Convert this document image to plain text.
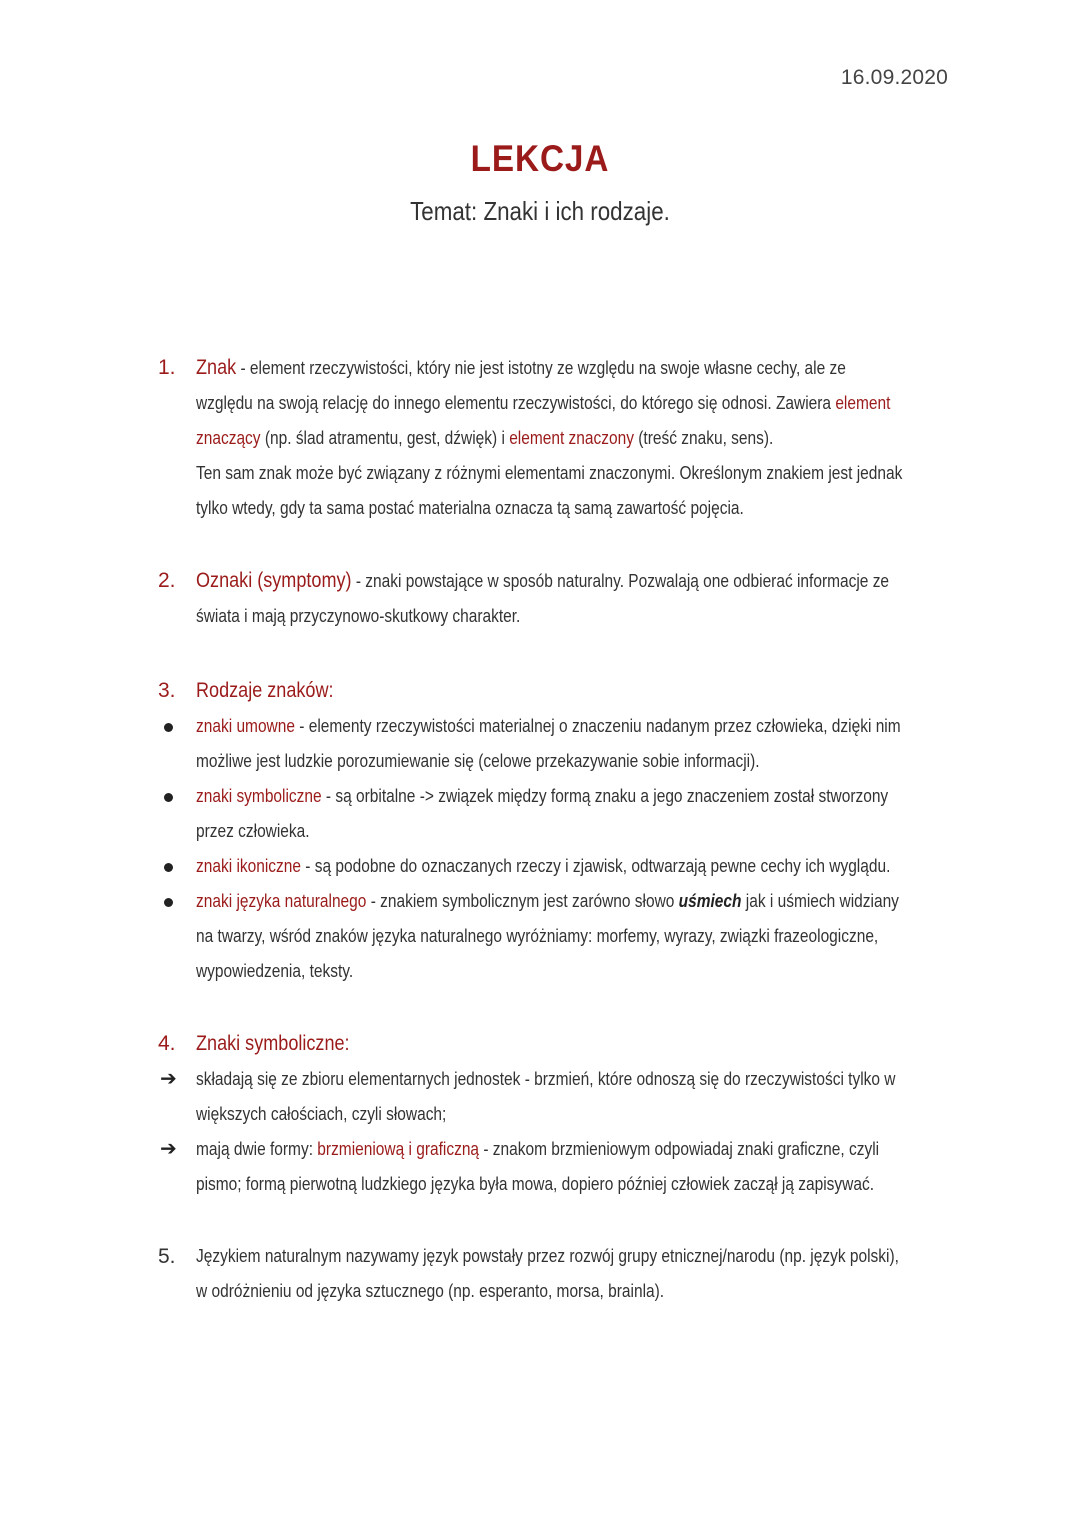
16.09.2020
LEKCJA
Temat: Znaki i ich rodzaje.
1. Znak - element rzeczywistości, który nie jest istotny ze względu na swoje własne cechy, ale ze
względu na swoją relację do innego elementu rzeczywistości, do którego się odnosi. Zawiera element
znaczący (np. ślad atramentu, gest, dźwięk) i element znaczony (treść znaku, sens).
Ten sam znak może być związany z różnymi elementami znaczonymi. Określonym znakiem jest jednak
tylko wtedy, gdy ta sama postać materialna oznacza tą samą zawartość pojęcia.
2. Oznaki (symptomy) - znaki powstające w sposób naturalny. Pozwalają one odbierać informacje ze
świata i mają przyczynowo-skutkowy charakter.
3. Rodzaje znaków:
znaki umowne - elementy rzeczywistości materialnej o znaczeniu nadanym przez człowieka, dzięki nim
możliwe jest ludzkie porozumiewanie się (celowe przekazywanie sobie informacji).
znaki symboliczne - są orbitalne -> związek między formą znaku a jego znaczeniem został stworzony
przez człowieka.
znaki ikoniczne - są podobne do oznaczanych rzeczy i zjawisk, odtwarzają pewne cechy ich wyglądu.
znaki języka naturalnego - znakiem symbolicznym jest zarówno słowo uśmiech jak i uśmiech widziany
na twarzy, wśród znaków języka naturalnego wyróżniamy: morfemy, wyrazy, związki frazeologiczne,
wypowiedzenia, teksty.
4. Znaki symboliczne:
➔ składają się ze zbioru elementarnych jednostek - brzmień, które odnoszą się do rzeczywistości tylko w
większych całościach, czyli słowach;
➔ mają dwie formy: brzmieniową i graficzną - znakom brzmieniowym odpowiadaj znaki graficzne, czyli
pismo; formą pierwotną ludzkiego języka była mowa, dopiero później człowiek zaczął ją zapisywać.
5. Językiem naturalnym nazywamy język powstały przez rozwój grupy etnicznej/narodu (np. język polski),
w odróżnieniu od języka sztucznego (np. esperanto, morsa, brainla).
